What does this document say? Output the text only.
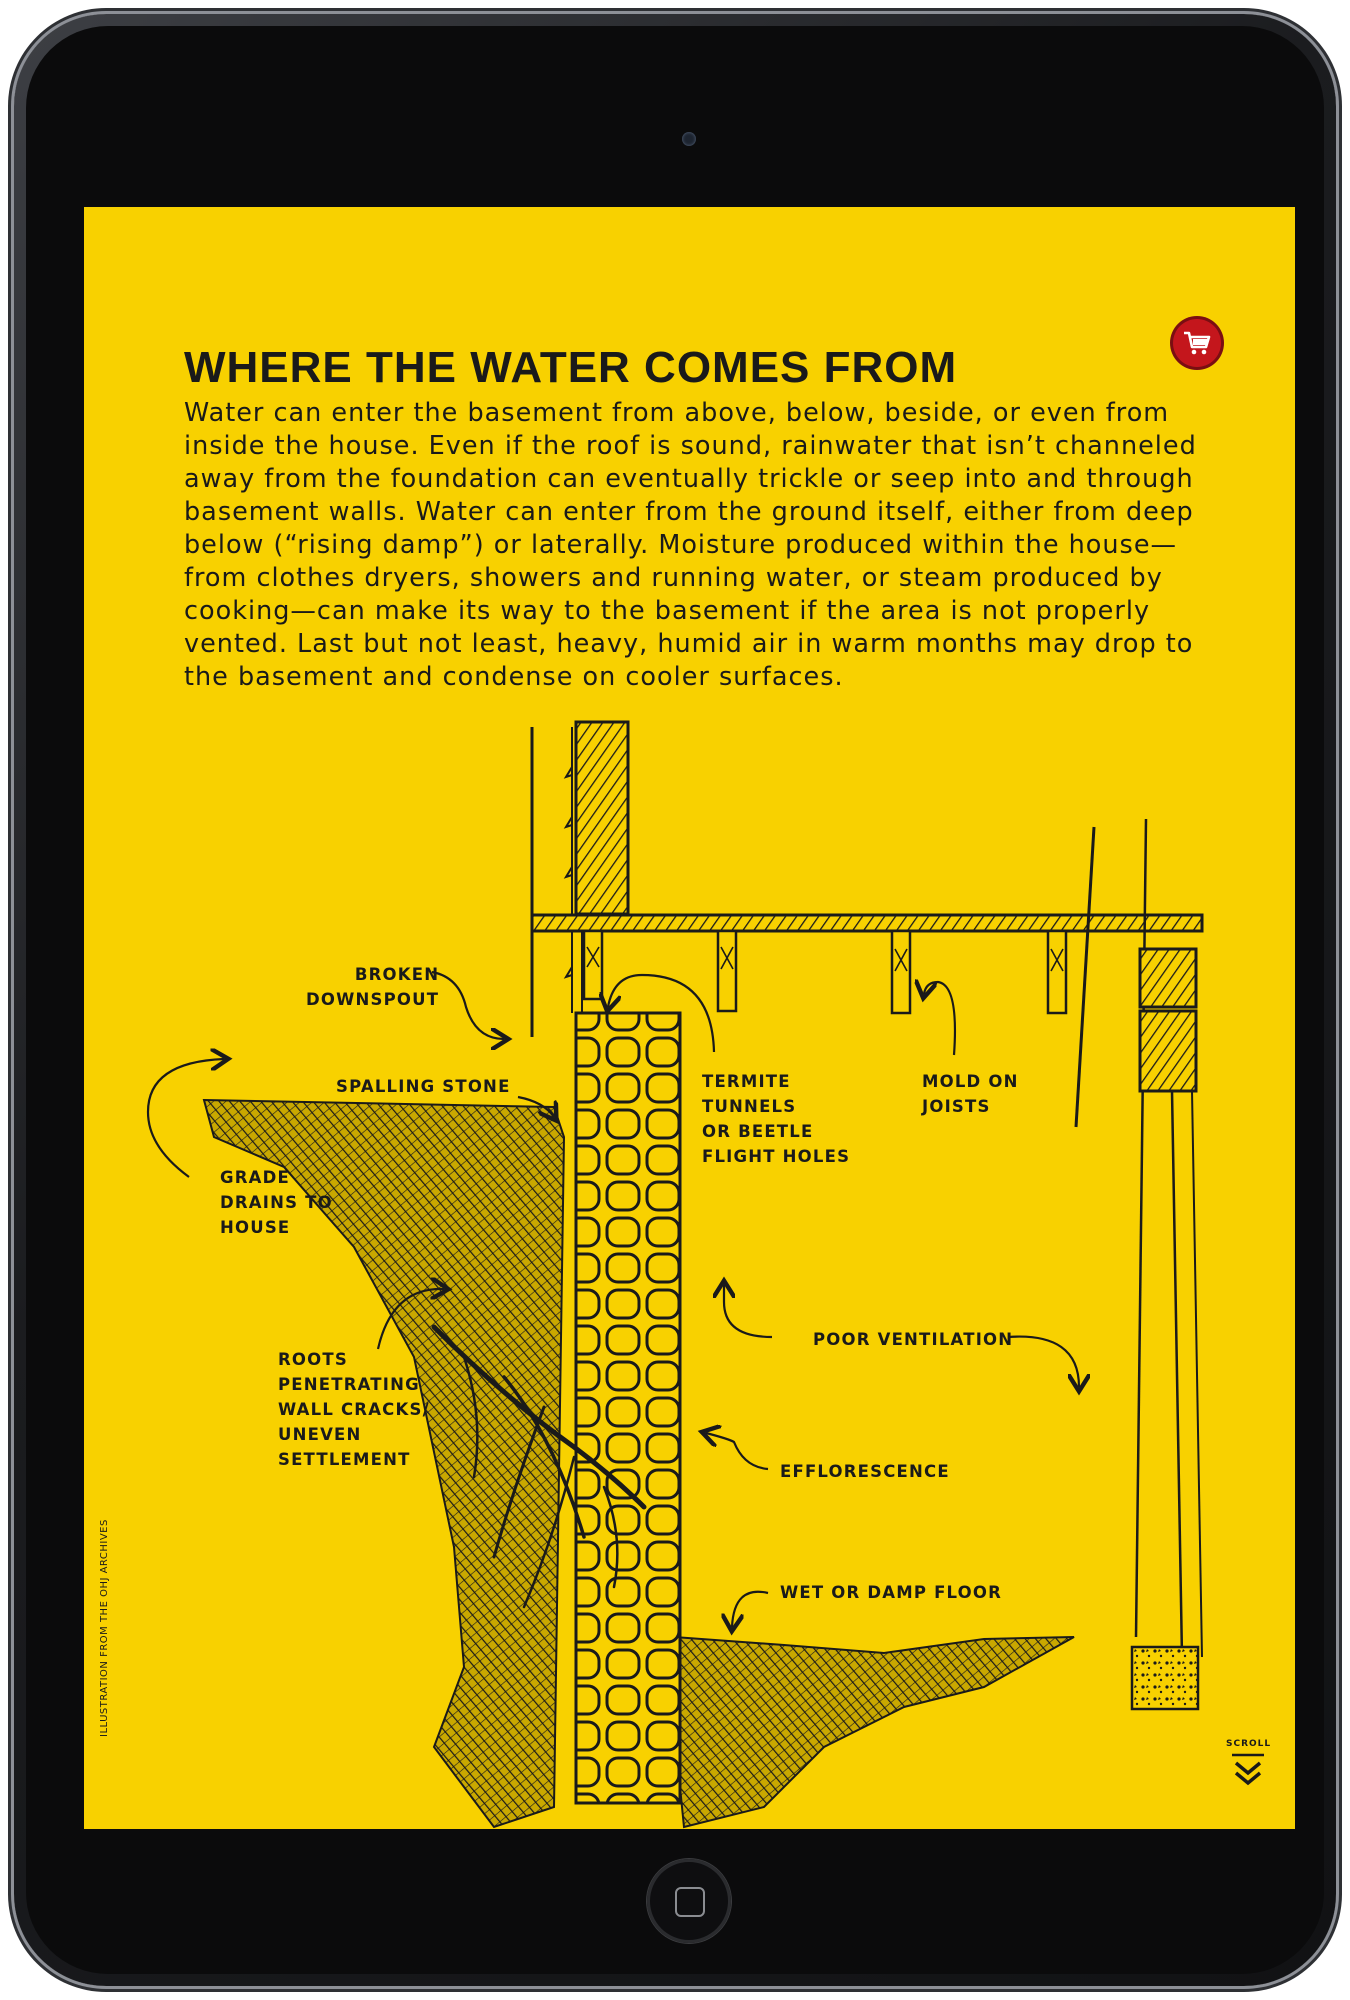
WHERE THE WATER COMES FROM

Water can enter the basement from above, below, beside, or even from inside the house. Even if the roof is sound, rainwater that isn’t channeled away from the foundation can eventually trickle or seep into and through basement walls. Water can enter from the ground itself, either from deep below (“rising damp”) or laterally. Moisture produced within the house—from clothes dryers, showers and running water, or steam produced by cooking—can make its way to the basement if the area is not properly vented. Last but not least, heavy, humid air in warm months may drop to the basement and condense on cooler surfaces.

BROKEN
DOWNSPOUT
SPALLING STONE	TERMITE
TUNNELS
OR BEETLE
FLIGHT HOLES
MOLD ON
JOISTS
GRADE
DRAINS TO
HOUSE
ROOTS
PENETRATING
WALL CRACKS/
UNEVEN
SETTLEMENT
POOR VENTILATION
EFFLORESCENCE
WET OR DAMP FLOOR
ILLUSTRATION FROM THE OHJ ARCHIVES
SCROLL
